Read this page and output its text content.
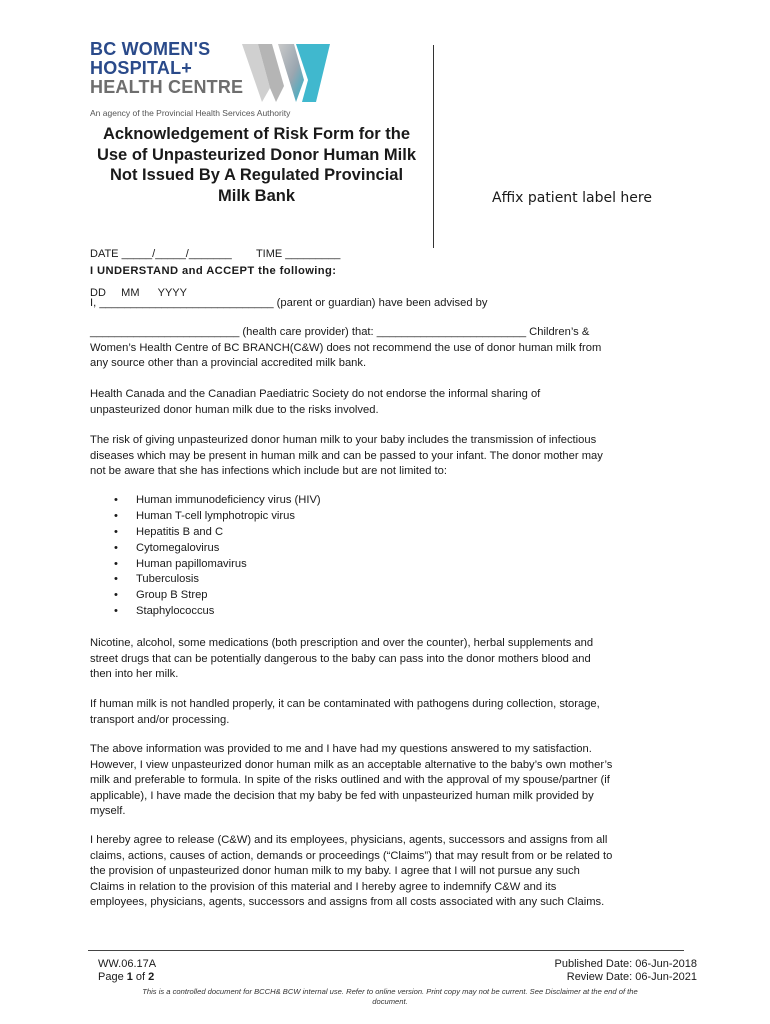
BC WOMEN'S
HOSPITAL+
HEALTH CENTRE
An agency of the Provincial Health Services Authority
Acknowledgement of Risk Form for the
Use of Unpasteurized Donor Human Milk
Not Issued By A Regulated Provincial
Milk Bank	Affix patient label here

DATE _____/_____/_______        TIME _________

DD     MM      YYYY

I UNDERSTAND and ACCEPT the following:
I, ____________________________ (parent or guardian) have been advised by
________________________ (health care provider) that: ________________________ Children’s &
Women’s Health Centre of BC BRANCH(C&W) does not recommend the use of donor human milk from
any source other than a provincial accredited milk bank.
Health Canada and the Canadian Paediatric Society do not endorse the informal sharing of
unpasteurized donor human milk due to the risks involved.
The risk of giving unpasteurized donor human milk to your baby includes the transmission of infectious
diseases which may be present in human milk and can be passed to your infant. The donor mother may
not be aware that she has infections which include but are not limited to:
• Human immunodeficiency virus (HIV)
• Human T-cell lymphotropic virus
• Hepatitis B and C
• Cytomegalovirus
• Human papillomavirus
• Tuberculosis
• Group B Strep
• Staphylococcus
Nicotine, alcohol, some medications (both prescription and over the counter), herbal supplements and
street drugs that can be potentially dangerous to the baby can pass into the donor mothers blood and
then into her milk.
If human milk is not handled properly, it can be contaminated with pathogens during collection, storage,
transport and/or processing.
The above information was provided to me and I have had my questions answered to my satisfaction.
However, I view unpasteurized donor human milk as an acceptable alternative to the baby’s own mother’s
milk and preferable to formula. In spite of the risks outlined and with the approval of my spouse/partner (if
applicable), I have made the decision that my baby be fed with unpasteurized human milk provided by
myself.
I hereby agree to release (C&W) and its employees, physicians, agents, successors and assigns from all
claims, actions, causes of action, demands or proceedings (“Claims”) that may result from or be related to
the provision of unpasteurized donor human milk to my baby. I agree that I will not pursue any such
Claims in relation to the provision of this material and I hereby agree to indemnify C&W and its
employees, physicians, agents, successors and assigns from all costs associated with any such Claims.
WW.06.17A
Page 1 of 2
Published Date: 06-Jun-2018
Review Date: 06-Jun-2021
This is a controlled document for BCCH& BCW internal use. Refer to online version. Print copy may not be current. See Disclaimer at the end of the
document.
